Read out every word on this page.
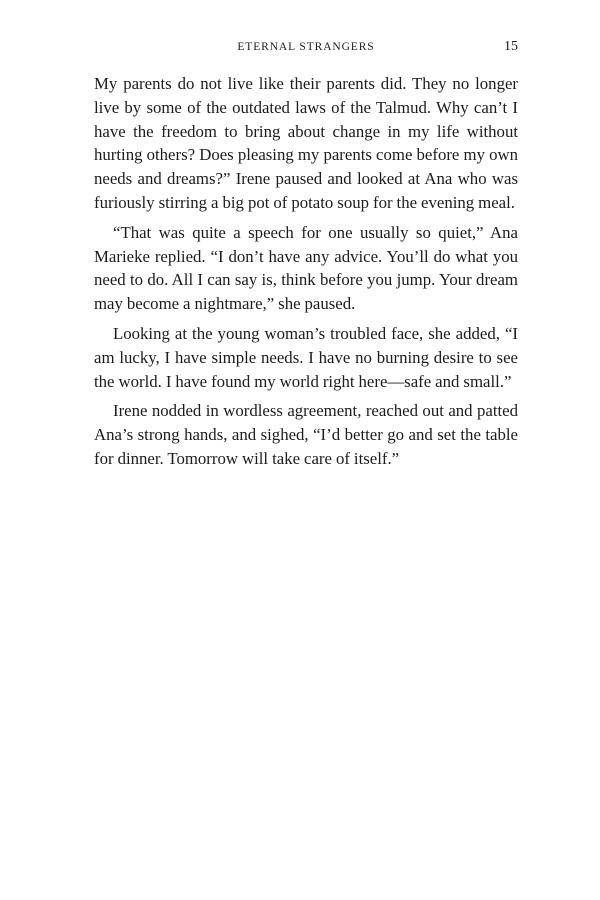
ETERNAL STRANGERS	15

My parents do not live like their parents did. They no longer live by some of the outdated laws of the Talmud. Why can’t I have the freedom to bring about change in my life without hurting others? Does pleasing my parents come before my own needs and dreams?” Irene paused and looked at Ana who was furiously stirring a big pot of potato soup for the evening meal.

“That was quite a speech for one usually so quiet,” Ana Marieke replied. “I don’t have any advice. You’ll do what you need to do. All I can say is, think before you jump. Your dream may become a nightmare,” she paused.

Looking at the young woman’s troubled face, she added, “I am lucky, I have simple needs. I have no burning desire to see the world. I have found my world right here—safe and small.”

Irene nodded in wordless agreement, reached out and patted Ana’s strong hands, and sighed, “I’d better go and set the table for dinner. Tomorrow will take care of itself.”
